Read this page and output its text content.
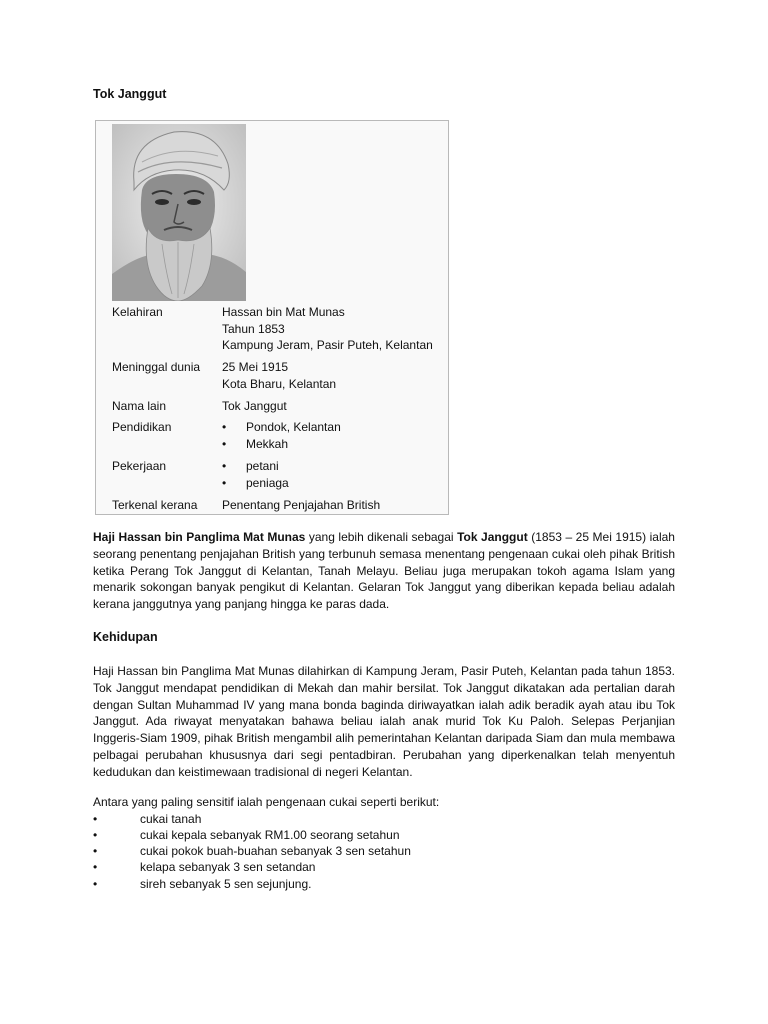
Tok Janggut
Kelahiran	Hassan bin Mat Munas
Tahun 1853
Kampung Jeram, Pasir Puteh, Kelantan
Meninggal dunia	25 Mei 1915
Kota Bharu, Kelantan
Nama lain	Tok Janggut
Pendidikan	•	Pondok, Kelantan
•	Mekkah
Pekerjaan	•	petani
•	peniaga
Terkenal kerana	Penentang Penjajahan British
Haji Hassan bin Panglima Mat Munas yang lebih dikenali sebagai Tok Janggut (1853 – 25 Mei 1915) ialah seorang penentang penjajahan British yang terbunuh semasa menentang pengenaan cukai oleh pihak British ketika Perang Tok Janggut di Kelantan, Tanah Melayu. Beliau juga merupakan tokoh agama Islam yang menarik sokongan banyak pengikut di Kelantan. Gelaran Tok Janggut yang diberikan kepada beliau adalah kerana janggutnya yang panjang hingga ke paras dada.
Kehidupan
Haji Hassan bin Panglima Mat Munas dilahirkan di Kampung Jeram, Pasir Puteh, Kelantan pada tahun 1853. Tok Janggut mendapat pendidikan di Mekah dan mahir bersilat. Tok Janggut dikatakan ada pertalian darah dengan Sultan Muhammad IV yang mana bonda baginda diriwayatkan ialah adik beradik ayah atau ibu Tok Janggut. Ada riwayat menyatakan bahawa beliau ialah anak murid Tok Ku Paloh. Selepas Perjanjian Inggeris-Siam 1909, pihak British mengambil alih pemerintahan Kelantan daripada Siam dan mula membawa pelbagai perubahan khususnya dari segi pentadbiran. Perubahan yang diperkenalkan telah menyentuh kedudukan dan keistimewaan tradisional di negeri Kelantan.
Antara yang paling sensitif ialah pengenaan cukai seperti berikut:
•	cukai tanah
•	cukai kepala sebanyak RM1.00 seorang setahun
•	cukai pokok buah-buahan sebanyak 3 sen setahun
•	kelapa sebanyak 3 sen setandan
•	sireh sebanyak 5 sen sejunjung.
